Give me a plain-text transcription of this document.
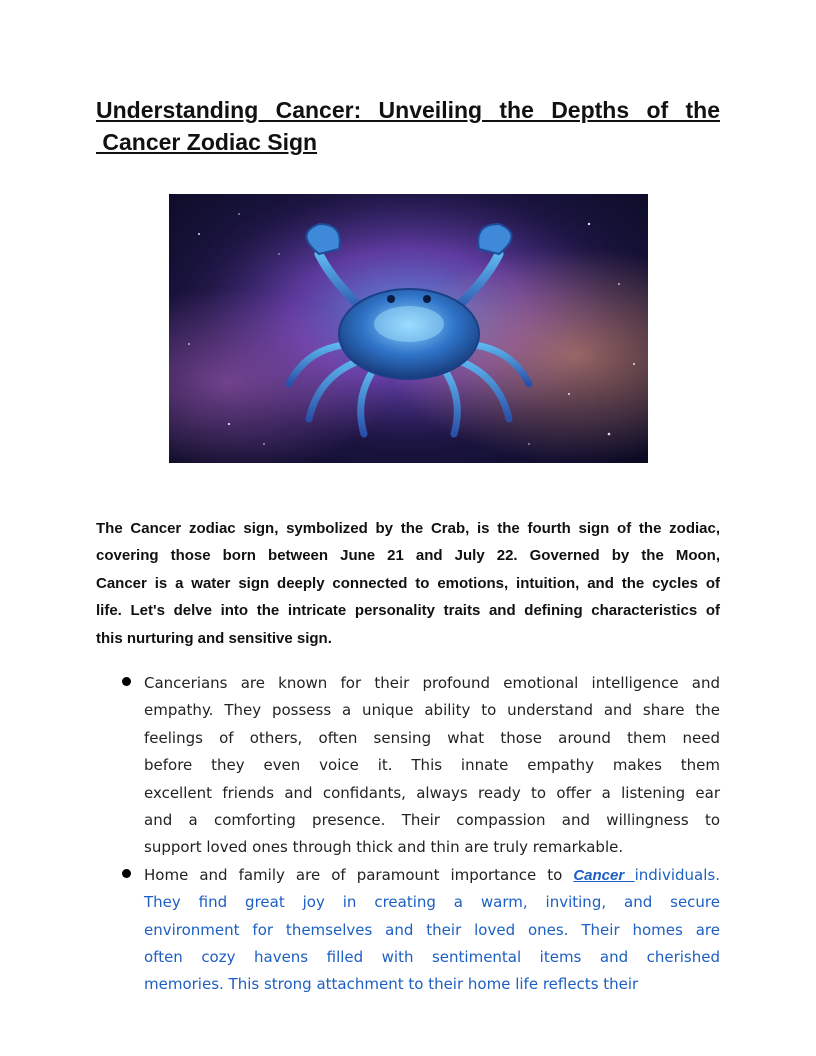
Understanding  Cancer:  Unveiling  the  Depths  of  the
Cancer Zodiac Sign
The Cancer zodiac sign, symbolized by the Crab, is the fourth sign of the zodiac,
covering those born between June 21 and July 22. Governed by the Moon,
Cancer is a water sign deeply connected to emotions, intuition, and the cycles of
life. Let's delve into the intricate personality traits and defining characteristics of
this nurturing and sensitive sign.
Cancerians are known for their profound emotional intelligence and
empathy. They possess a unique ability to understand and share the
feelings of others, often sensing what those around them need
before they even voice it. This innate empathy makes them
excellent friends and confidants, always ready to offer a listening ear
and a comforting presence. Their compassion and willingness to
support loved ones through thick and thin are truly remarkable.
Home and family are of paramount importance to Cancer individuals.
They find great joy in creating a warm, inviting, and secure
environment for themselves and their loved ones. Their homes are
often cozy havens filled with sentimental items and cherished
memories. This strong attachment to their home life reflects their
